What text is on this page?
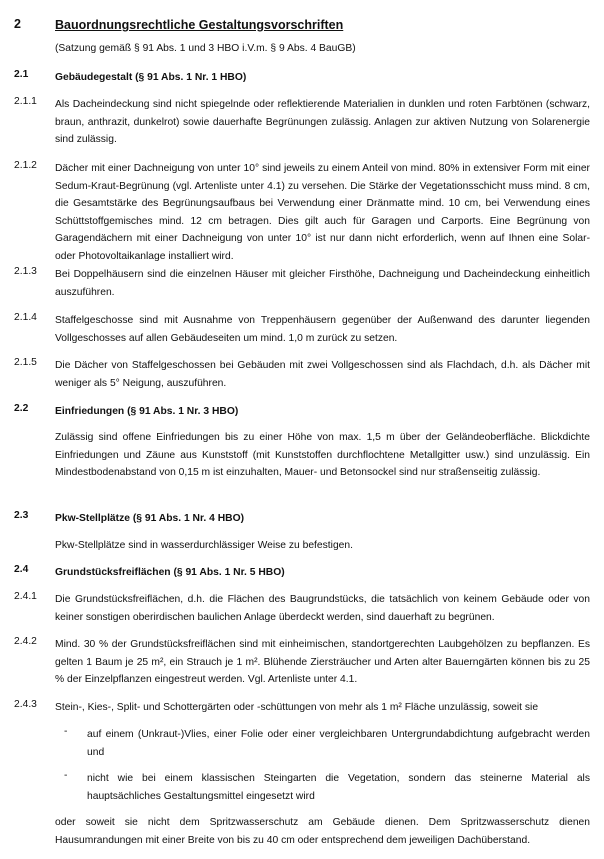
2	Bauordnungsrechtliche Gestaltungsvorschriften
(Satzung gemäß § 91 Abs. 1 und 3 HBO i.V.m. § 9 Abs. 4 BauGB)
2.1	Gebäudegestalt (§ 91 Abs. 1 Nr. 1 HBO)
2.1.1 Als Dacheindeckung sind nicht spiegelnde oder reflektierende Materialien in dunklen und roten Farbtönen (schwarz, braun, anthrazit, dunkelrot) sowie dauerhafte Begrünungen zulässig. Anlagen zur aktiven Nutzung von Solarenergie sind zulässig.
2.1.2 Dächer mit einer Dachneigung von unter 10° sind jeweils zu einem Anteil von mind. 80% in extensiver Form mit einer Sedum-Kraut-Begrünung (vgl. Artenliste unter 4.1) zu versehen. Die Stärke der Vegetationsschicht muss mind. 8 cm, die Gesamtstärke des Begrünungsaufbaus bei Verwendung einer Dränmatte mind. 10 cm, bei Verwendung eines Schüttstoffgemisches mind. 12 cm betragen. Dies gilt auch für Garagen und Carports. Eine Begrünung von Garagendächern mit einer Dachneigung von unter 10° ist nur dann nicht erforderlich, wenn auf Ihnen eine Solar- oder Photovoltaikanlage installiert wird.
2.1.3 Bei Doppelhäusern sind die einzelnen Häuser mit gleicher Firsthöhe, Dachneigung und Dacheindeckung einheitlich auszuführen.
2.1.4 Staffelgeschosse sind mit Ausnahme von Treppenhäusern gegenüber der Außenwand des darunter liegenden Vollgeschosses auf allen Gebäudeseiten um mind. 1,0 m zurück zu setzen.
2.1.5 Die Dächer von Staffelgeschossen bei Gebäuden mit zwei Vollgeschossen sind als Flachdach, d.h. als Dächer mit weniger als 5° Neigung, auszuführen.
2.2	Einfriedungen (§ 91 Abs. 1 Nr. 3 HBO)
Zulässig sind offene Einfriedungen bis zu einer Höhe von max. 1,5 m über der Geländeoberfläche. Blickdichte Einfriedungen und Zäune aus Kunststoff (mit Kunststoffen durchflochtene Metallgitter usw.) sind unzulässig. Ein Mindestbodenabstand von 0,15 m ist einzuhalten, Mauer- und Betonsockel sind nur straßenseitig zulässig.
2.3	Pkw-Stellplätze (§ 91 Abs. 1 Nr. 4 HBO)
Pkw-Stellplätze sind in wasserdurchlässiger Weise zu befestigen.
2.4	Grundstücksfreiflächen (§ 91 Abs. 1 Nr. 5 HBO)
2.4.1 Die Grundstücksfreiflächen, d.h. die Flächen des Baugrundstücks, die tatsächlich von keinem Gebäude oder von keiner sonstigen oberirdischen baulichen Anlage überdeckt werden, sind dauerhaft zu begrünen.
2.4.2 Mind. 30 % der Grundstücksfreiflächen sind mit einheimischen, standortgerechten Laubgehölzen zu bepflanzen. Es gelten 1 Baum je 25 m², ein Strauch je 1 m². Blühende Ziersträucher und Arten alter Bauerngärten können bis zu 25 % der Einzelpflanzen eingestreut werden. Vgl. Artenliste unter 4.1.
2.4.3 Stein-, Kies-, Split- und Schottergärten oder -schüttungen von mehr als 1 m² Fläche unzulässig, soweit sie
- auf einem (Unkraut-)Vlies, einer Folie oder einer vergleichbaren Untergrundabdichtung aufgebracht werden und
- nicht wie bei einem klassischen Steingarten die Vegetation, sondern das steinerne Material als hauptsächliches Gestaltungsmittel eingesetzt wird
oder soweit sie nicht dem Spritzwasserschutz am Gebäude dienen. Dem Spritzwasserschutz dienen Hausumrandungen mit einer Breite von bis zu 40 cm oder entsprechend dem jeweiligen Dachüberstand.
